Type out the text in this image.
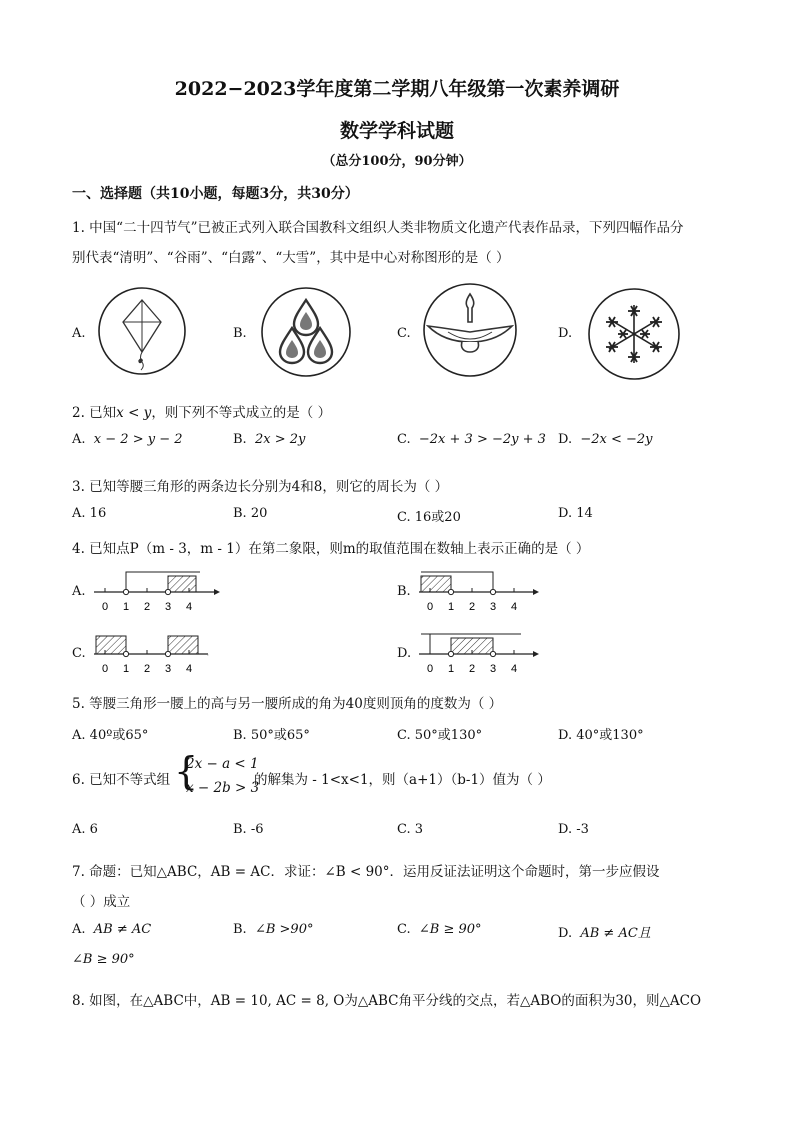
2022−2023学年度第二学期八年级第一次素养调研
数学学科试题
（总分100分，90分钟）
一、选择题（共10小题，每题3分，共30分）
1. 中国“二十四节气”已被正式列入联合国教科文组织人类非物质文化遗产代表作品录，下列四幅作品分
别代表“清明”、“谷雨”、“白露”、“大雪”，其中是中心对称图形的是（ ）
A.	B.	C.	D.
2. 已知x < y，则下列不等式成立的是（ ）
A. x − 2 > y − 2	B. 2x > 2y	C. −2x + 3 > −2y + 3 D. −2x < −2y
3. 已知等腰三角形的两条边长分别为4和8，则它的周长为（ ）
A. 16	B. 20	C. 16或20	D. 14
4. 已知点P（m - 3，m - 1）在第二象限，则m的取值范围在数轴上表示正确的是（ ）
A.	B.
C.	D.
0 1 2 3 4	0 1 2 3 4
·
0 1 2 3 4	0 1 2 3 4
5. 等腰三角形一腰上的高与另一腰所成的角为40度则顶角的度数为（ ）
A. 40º或65°	B. 50°或65°	C. 50°或130°	D. 40°或130°
6. 已知不等式组 {
2x − a < 1
x − 2b > 3
的解集为 - 1<x<1，则（a+1）（b-1）值为（ ）
A. 6	B. -6	C. 3	D. -3
7. 命题：已知△ABC，AB = AC．求证：∠B < 90°．运用反证法证明这个命题时，第一步应假设
（ ）成立
A. AB ≠ AC	B. ∠B >90°	C. ∠B ≥ 90°	D. AB ≠ AC且
∠B ≥ 90°
8. 如图，在△ABC中，AB = 10, AC = 8, O为△ABC角平分线的交点，若△ABO的面积为30，则△ACO
